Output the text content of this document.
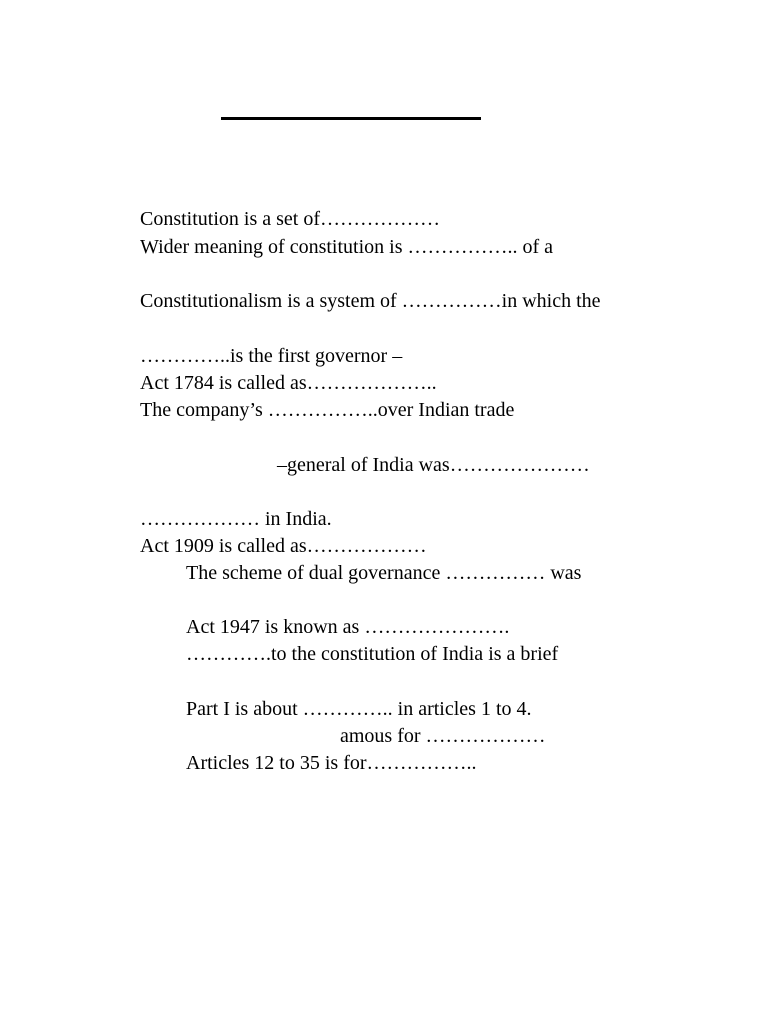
Constitution is a set of………………
Wider meaning of constitution is …………….. of a
Constitutionalism is a system of ……………in which the
…………..is the first governor –
Act 1784 is called as………………..
The company’s ……………..over Indian trade
–general of India was…………………
……………… in India.
Act 1909 is called as………………
The scheme of dual governance …………… was
Act 1947 is known as ………………….
………….to the constitution of India is a brief
Part I is about ………….. in articles 1 to 4.
amous for ………………
Articles 12 to 35 is for……………..
